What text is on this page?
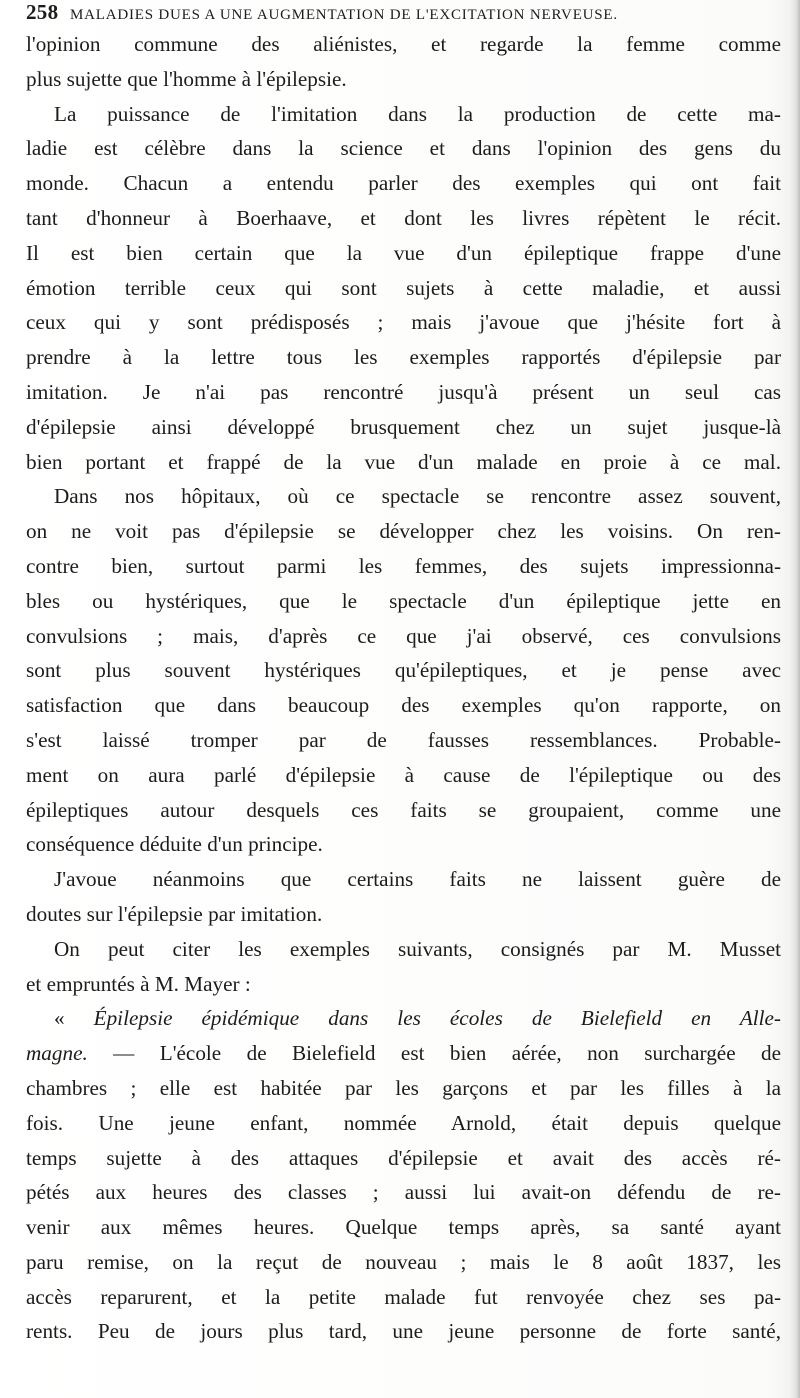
258 MALADIES DUES A UNE AUGMENTATION DE L'EXCITATION NERVEUSE.
l'opinion commune des aliénistes, et regarde la femme comme
plus sujette que l'homme à l'épilepsie.
La puissance de l'imitation dans la production de cette ma-
ladie est célèbre dans la science et dans l'opinion des gens du
monde. Chacun a entendu parler des exemples qui ont fait
tant d'honneur à Boerhaave, et dont les livres répètent le récit.
Il est bien certain que la vue d'un épileptique frappe d'une
émotion terrible ceux qui sont sujets à cette maladie, et aussi
ceux qui y sont prédisposés ; mais j'avoue que j'hésite fort à
prendre à la lettre tous les exemples rapportés d'épilepsie par
imitation. Je n'ai pas rencontré jusqu'à présent un seul cas
d'épilepsie ainsi développé brusquement chez un sujet jusque-là
bien portant et frappé de la vue d'un malade en proie à ce mal.
Dans nos hôpitaux, où ce spectacle se rencontre assez souvent,
on ne voit pas d'épilepsie se développer chez les voisins. On ren-
contre bien, surtout parmi les femmes, des sujets impressionna-
bles ou hystériques, que le spectacle d'un épileptique jette en
convulsions ; mais, d'après ce que j'ai observé, ces convulsions
sont plus souvent hystériques qu'épileptiques, et je pense avec
satisfaction que dans beaucoup des exemples qu'on rapporte, on
s'est laissé tromper par de fausses ressemblances. Probable-
ment on aura parlé d'épilepsie à cause de l'épileptique ou des
épileptiques autour desquels ces faits se groupaient, comme une
conséquence déduite d'un principe.
J'avoue néanmoins que certains faits ne laissent guère de
doutes sur l'épilepsie par imitation.
On peut citer les exemples suivants, consignés par M. Musset
et empruntés à M. Mayer :
« Épilepsie épidémique dans les écoles de Bielefield en Alle-
magne. — L'école de Bielefield est bien aérée, non surchargée de
chambres ; elle est habitée par les garçons et par les filles à la
fois. Une jeune enfant, nommée Arnold, était depuis quelque
temps sujette à des attaques d'épilepsie et avait des accès ré-
pétés aux heures des classes ; aussi lui avait-on défendu de re-
venir aux mêmes heures. Quelque temps après, sa santé ayant
paru remise, on la reçut de nouveau ; mais le 8 août 1837, les
accès reparurent, et la petite malade fut renvoyée chez ses pa-
rents. Peu de jours plus tard, une jeune personne de forte santé,
